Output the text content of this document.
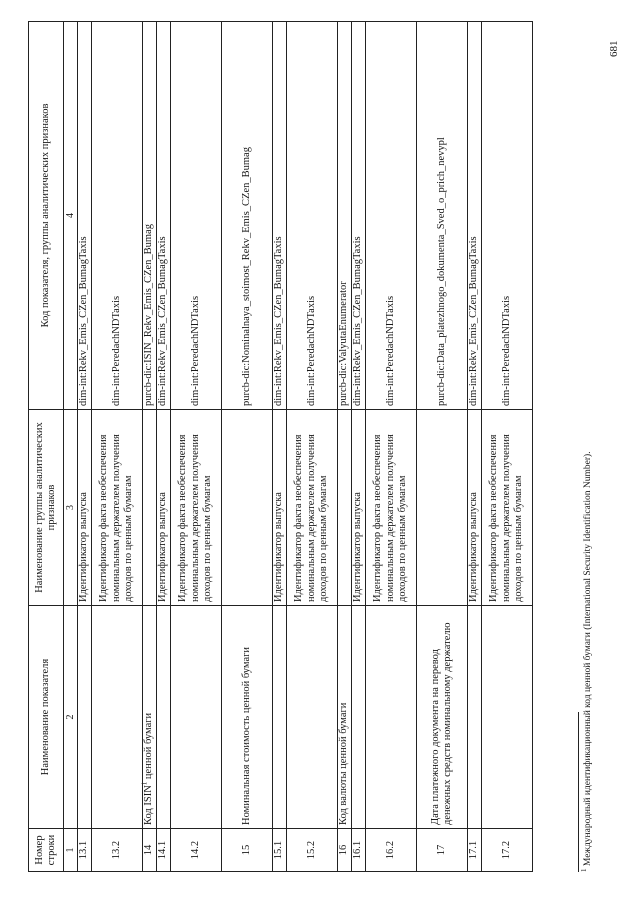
Номер строки	Наименование показателя	Наименование группы аналитических признаков	Код показателя, группы аналитических признаков
1	2	3	4
13.1		Идентификатор выпуска	dim-int:Rekv_Emis_CZen_BumagTaxis
13.2		Идентификатор факта необеспечения номинальным держателем получения доходов по ценным бумагам	dim-int:PeredachNDTaxis
14	Код ISIN$^1$ ценной бумаги		purcb-dic:ISIN_Rekv_Emis_CZen_Bumag
14.1		Идентификатор выпуска	dim-int:Rekv_Emis_CZen_BumagTaxis
14.2		Идентификатор факта необеспечения номинальным держателем получения доходов по ценным бумагам	dim-int:PeredachNDTaxis
15	Номинальная стоимость ценной бумаги		purcb-dic:Nominalnaya_stoimost_Rekv_Emis_CZen_Bumag
15.1		Идентификатор выпуска	dim-int:Rekv_Emis_CZen_BumagTaxis
15.2		Идентификатор факта необеспечения номинальным держателем получения доходов по ценным бумагам	dim-int:PeredachNDTaxis
16	Код валюты ценной бумаги		purcb-dic:ValyutaEnumerator
16.1		Идентификатор выпуска	dim-int:Rekv_Emis_CZen_BumagTaxis
16.2		Идентификатор факта необеспечения номинальным держателем получения доходов по ценным бумагам	dim-int:PeredachNDTaxis
17	Дата платежного документа на перевод денежных средств номинальному держателю		purcb-dic:Data_platezhnogo_dokumenta_Sved_o_prich_nevypl
17.1		Идентификатор выпуска	dim-int:Rekv_Emis_CZen_BumagTaxis
17.2		Идентификатор факта необеспечения номинальным держателем получения доходов по ценным бумагам	dim-int:PeredachNDTaxis
$^1$ Международный идентификационный код ценной бумаги (International Security Identification Number).
681
